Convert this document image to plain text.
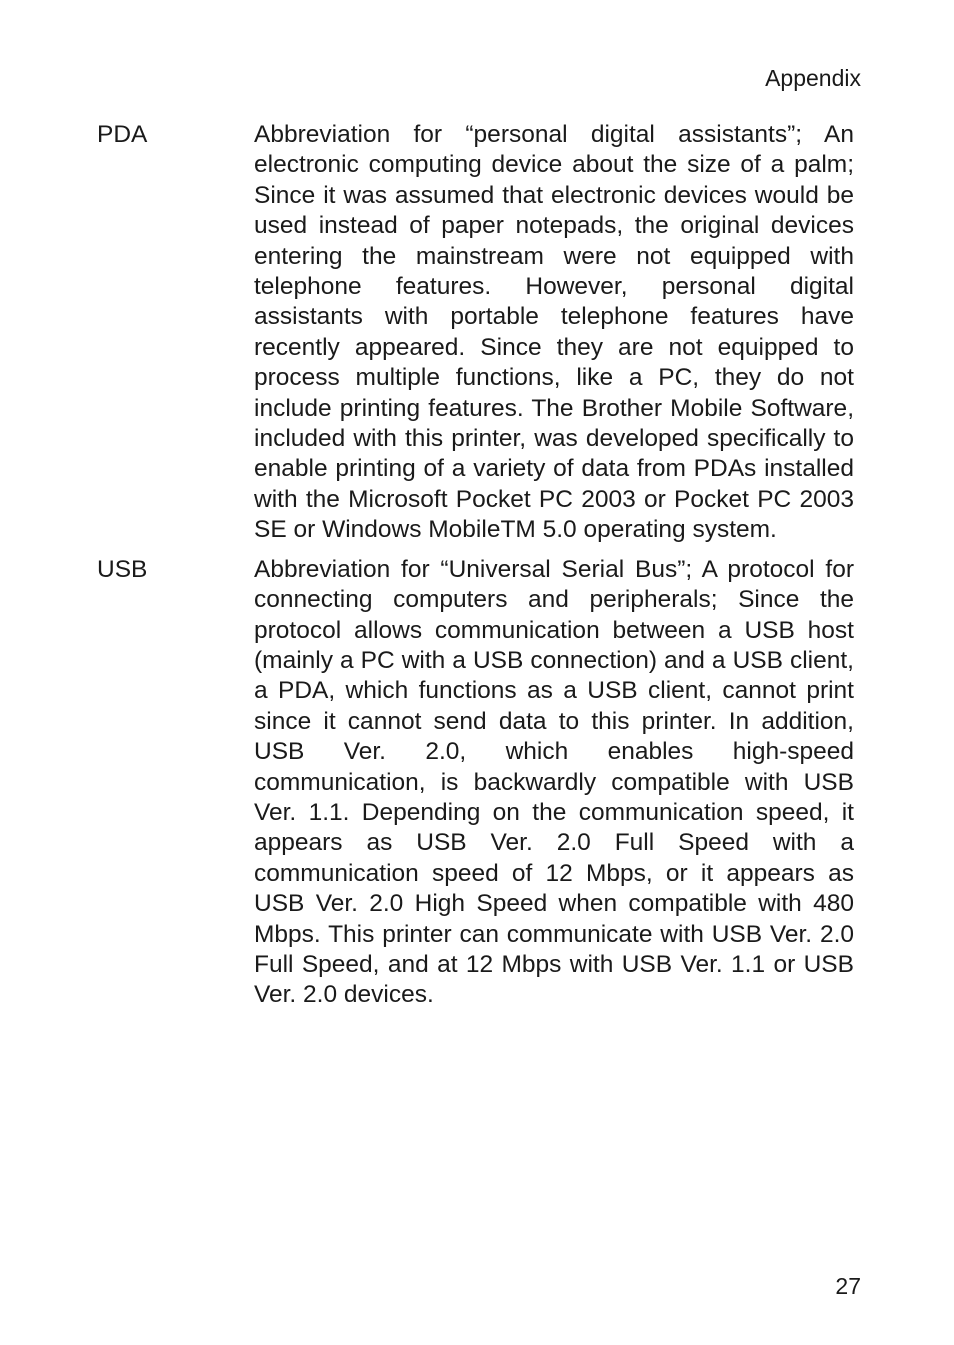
Appendix
PDA	Abbreviation for “personal digital assistants”; An electronic computing device about the size of a palm; Since it was assumed that electronic devices would be used instead of paper notepads, the original devices entering the mainstream were not equipped with telephone features. However, personal digital assistants with portable telephone features have recently appeared. Since they are not equipped to process multiple functions, like a PC, they do not include printing features. The Brother Mobile Software, included with this printer, was developed specifically to enable printing of a variety of data from PDAs installed with the Microsoft Pocket PC 2003 or Pocket PC 2003 SE or Windows MobileTM 5.0 operating system.
USB	Abbreviation for “Universal Serial Bus”; A protocol for connecting computers and peripherals; Since the protocol allows communication between a USB host (mainly a PC with a USB connection) and a USB client, a PDA, which functions as a USB client, cannot print since it cannot send data to this printer. In addition, USB Ver. 2.0, which enables high-speed communication, is backwardly compatible with USB Ver. 1.1. Depending on the communication speed, it appears as USB Ver. 2.0 Full Speed with a communication speed of 12 Mbps, or it appears as USB Ver. 2.0 High Speed when compatible with 480 Mbps. This printer can communicate with USB Ver. 2.0 Full Speed, and at 12 Mbps with USB Ver. 1.1 or USB Ver. 2.0 devices.
27
